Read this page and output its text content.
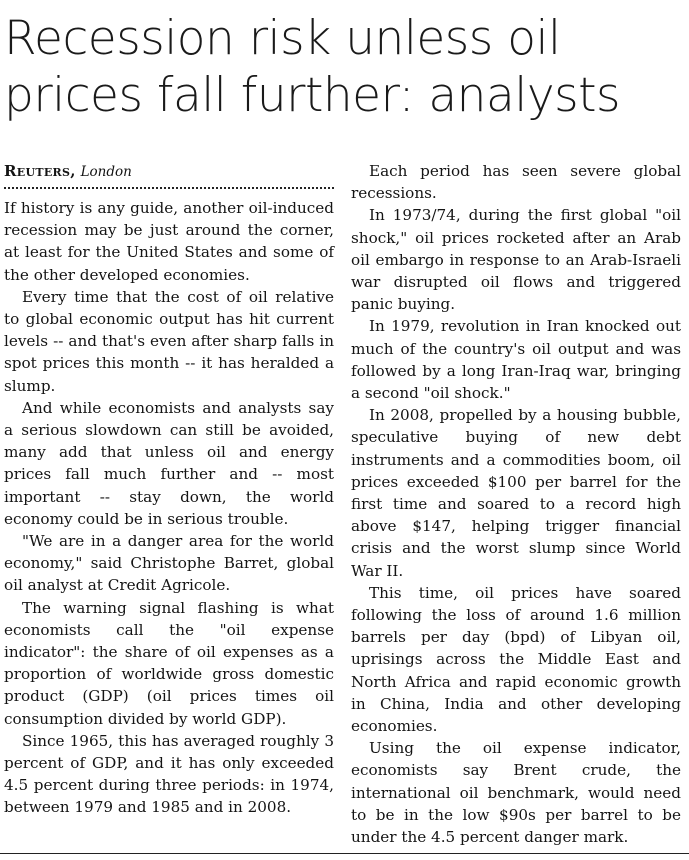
Recession risk unless oil prices fall further: analysts
Reuters, London

If history is any guide, another oil-induced recession may be just around the corner, at least for the United States and some of the other developed economies.

Every time that the cost of oil relative to global economic output has hit current levels -- and that's even after sharp falls in spot prices this month -- it has heralded a slump.

And while economists and analysts say a serious slowdown can still be avoided, many add that unless oil and energy prices fall much further and -- most important -- stay down, the world economy could be in serious trouble.

"We are in a danger area for the world economy," said Christophe Barret, global oil analyst at Credit Agricole.

The warning signal flashing is what economists call the "oil expense indicator": the share of oil expenses as a proportion of worldwide gross domestic product (GDP) (oil prices times oil consumption divided by world GDP).

Since 1965, this has averaged roughly 3 percent of GDP, and it has only exceeded 4.5 percent during three periods: in 1974, between 1979 and 1985 and in 2008.

Each period has seen severe global recessions.

In 1973/74, during the first global "oil shock," oil prices rocketed after an Arab oil embargo in response to an Arab-Israeli war disrupted oil flows and triggered panic buying.

In 1979, revolution in Iran knocked out much of the country's oil output and was followed by a long Iran-Iraq war, bringing a second "oil shock."

In 2008, propelled by a housing bubble, speculative buying of new debt instruments and a commodities boom, oil prices exceeded $100 per barrel for the first time and soared to a record high above $147, helping trigger financial crisis and the worst slump since World War II.

This time, oil prices have soared following the loss of around 1.6 million barrels per day (bpd) of Libyan oil, uprisings across the Middle East and North Africa and rapid economic growth in China, India and other developing economies.

Using the oil expense indicator, economists say Brent crude, the international oil benchmark, would need to be in the low $90s per barrel to be under the 4.5 percent danger mark.
